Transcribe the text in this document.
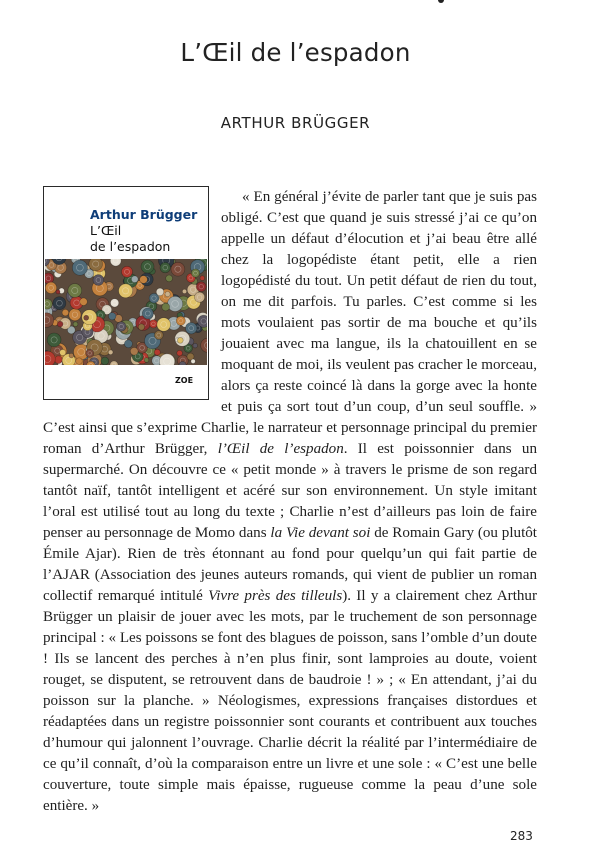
L’Œil de l’espadon
ARTHUR BRÜGGER
Arthur Brügger
L’Œil
de l’espadon
ZOE

« En général j’évite de parler tant que je suis pas obligé. C’est que quand je suis stressé j’ai ce qu’on appelle un défaut d’élocution et j’ai beau être allé chez la logopédiste étant petit, elle a rien logopédisté du tout. Un petit défaut de rien du tout, on me dit parfois. Tu parles. C’est comme si les mots voulaient pas sortir de ma bouche et qu’ils jouaient avec ma langue, ils la chatouillent en se moquant de moi, ils veulent pas cracher le morceau, alors ça reste coincé là dans la gorge avec la honte et puis ça sort tout d’un coup, d’un seul souffle. » C’est ainsi que s’exprime Charlie, le narrateur et personnage principal du premier roman d’Arthur Brügger, l’Œil de l’espadon. Il est poissonnier dans un supermarché. On découvre ce « petit monde » à travers le prisme de son regard tantôt naïf, tantôt intelligent et acéré sur son environnement. Un style imitant l’oral est utilisé tout au long du texte ; Charlie n’est d’ailleurs pas loin de faire penser au personnage de Momo dans la Vie devant soi de Romain Gary (ou plutôt Émile Ajar). Rien de très étonnant au fond pour quelqu’un qui fait partie de l’AJAR (Association des jeunes auteurs romands, qui vient de publier un roman collectif remarqué intitulé Vivre près des tilleuls). Il y a clairement chez Arthur Brügger un plaisir de jouer avec les mots, par le truchement de son personnage principal : « Les poissons se font des blagues de poisson, sans l’omble d’un doute ! Ils se lancent des perches à n’en plus finir, sont lamproies au doute, voient rouget, se disputent, se retrouvent dans de baudroie ! » ; « En attendant, j’ai du poisson sur la planche. » Néologismes, expressions françaises distordues et réadaptées dans un registre poissonnier sont courants et contribuent aux touches d’humour qui jalonnent l’ouvrage. Charlie décrit la réalité par l’intermédiaire de ce qu’il connaît, d’où la comparaison entre un livre et une sole : « C’est une belle couverture, toute simple mais épaisse, rugueuse comme la peau d’une sole entière. »

283
